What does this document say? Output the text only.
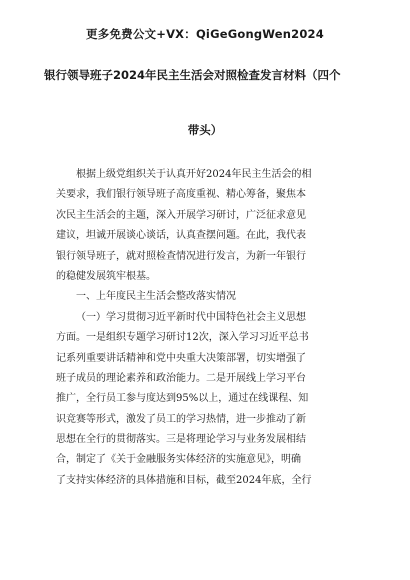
更多免费公文+VX：QiGeGongWen2024
银行领导班子2024年民主生活会对照检查发言材料（四个
带头）
根据上级党组织关于认真开好2024年民主生活会的相
关要求，我们银行领导班子高度重视、精心筹备，聚焦本
次民主生活会的主题，深入开展学习研讨，广泛征求意见
建议，坦诚开展谈心谈话，认真查摆问题。在此，我代表
银行领导班子，就对照检查情况进行发言，为新一年银行
的稳健发展筑牢根基。
一、上年度民主生活会整改落实情况
（一）学习贯彻习近平新时代中国特色社会主义思想
方面。一是组织专题学习研讨12次，深入学习习近平总书
记系列重要讲话精神和党中央重大决策部署，切实增强了
班子成员的理论素养和政治能力。二是开展线上学习平台
推广，全行员工参与度达到95%以上，通过在线课程、知
识竞赛等形式，激发了员工的学习热情，进一步推动了新
思想在全行的贯彻落实。三是将理论学习与业务发展相结
合，制定了《关于金融服务实体经济的实施意见》，明确
了支持实体经济的具体措施和目标，截至2024年底，全行
